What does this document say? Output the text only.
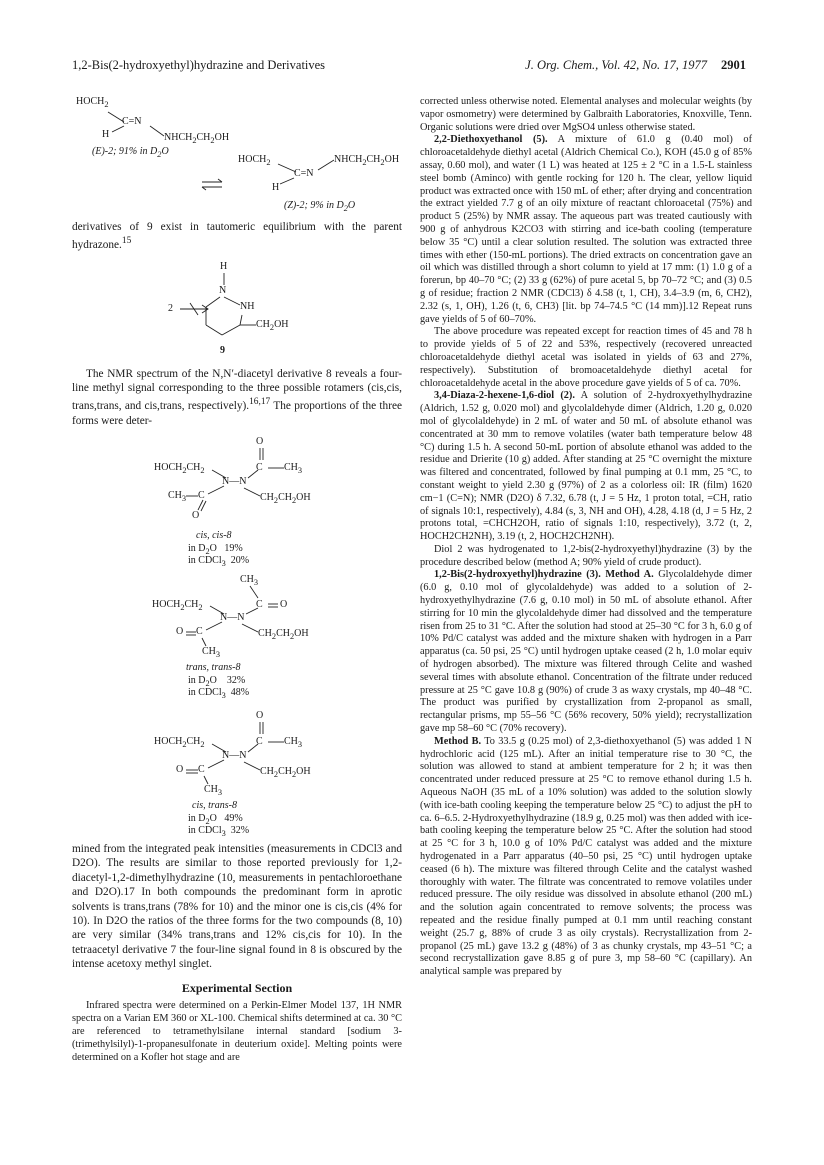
1,2-Bis(2-hydroxyethyl)hydrazine and Derivatives	J. Org. Chem., Vol. 42, No. 17, 1977 2901
$HOCH_2$
C=N
H	$NHCH_2CH_2OH$
(E)-2; 91% in $D_2O$
$HOCH_2$	$NHCH_2CH_2OH$
C=N
H
(Z)-2; 9% in $D_2O$

derivatives of 9 exist in tautomeric equilibrium with the parent hydrazone.$^{15}$

2
H
N
NH
$CH_2OH$
9

The NMR spectrum of the N,N′-diacetyl derivative 8 reveals a four-line methyl signal corresponding to the three possible rotamers (cis,cis, trans,trans, and cis,trans, respectively).$^{16,17}$ The proportions of the three forms were deter-

O
C $CH_3$
$HOCH_2CH_2$
N—N
$CH_3$ C	$CH_2CH_2OH$
O
cis, cis-8
in $D_2O$   19%
in CDCl$_3$ 20%
$CH_3$
C O
$HOCH_2CH_2$
N—N
O C	$CH_2CH_2OH$
$CH_3$
trans, trans-8
in $D_2O$    32%
in CDCl$_3$ 48%
O
C $CH_3$
$HOCH_2CH_2$
N—N
O C	$CH_2CH_2OH$
$CH_3$
cis, trans-8
in $D_2O$   49%
in CDCl$_3$ 32%

mined from the integrated peak intensities (measurements in CDCl3 and D2O). The results are similar to those reported previously for 1,2-diacetyl-1,2-dimethylhydrazine (10, measurements in pentachloroethane and D2O).17 In both compounds the predominant form in aprotic solvents is trans,trans (78% for 10) and the minor one is cis,cis (4% for 10). In D2O the ratios of the three forms for the two compounds (8, 10) are very similar (34% trans,trans and 12% cis,cis for 10). In the tetraacetyl derivative 7 the four-line signal found in 8 is obscured by the intense acetoxy methyl singlet.

Experimental Section

Infrared spectra were determined on a Perkin-Elmer Model 137, 1H NMR spectra on a Varian EM 360 or XL-100. Chemical shifts determined at ca. 30 °C are referenced to tetramethylsilane internal standard [sodium 3-(trimethylsilyl)-1-propanesulfonate in deuterium oxide]. Melting points were determined on a Kofler hot stage and are

corrected unless otherwise noted. Elemental analyses and molecular weights (by vapor osmometry) were determined by Galbraith Laboratories, Knoxville, Tenn. Organic solutions were dried over MgSO4 unless otherwise stated.

2,2-Diethoxyethanol (5). A mixture of 61.0 g (0.40 mol) of chloroacetaldehyde diethyl acetal (Aldrich Chemical Co.), KOH (45.0 g of 85% assay, 0.60 mol), and water (1 L) was heated at 125 ± 2 °C in a 1.5-L stainless steel bomb (Aminco) with gentle rocking for 120 h. The clear, yellow liquid product was extracted once with 150 mL of ether; after drying and concentration the extract yielded 7.7 g of an oily mixture of reactant chloroacetal (75%) and product 5 (25%) by NMR assay. The aqueous part was treated cautiously with 900 g of anhydrous K2CO3 with stirring and ice-bath cooling (temperature below 35 °C) until a clear solution resulted. The solution was extracted three times with ether (150-mL portions). The dried extracts on concentration gave an oil which was distilled through a short column to yield at 17 mm: (1) 1.0 g of a forerun, bp 40–70 °C; (2) 33 g (62%) of pure acetal 5, bp 70–72 °C; and (3) 0.5 g of residue; fraction 2 NMR (CDCl3) δ 4.58 (t, 1, CH), 3.4–3.9 (m, 6, CH2), 2.32 (s, 1, OH), 1.26 (t, 6, CH3) [lit. bp 74–74.5 °C (14 mm)].12 Repeat runs gave yields of 5 of 60–70%.

The above procedure was repeated except for reaction times of 45 and 78 h to provide yields of 5 of 22 and 53%, respectively (recovered unreacted chloroacetaldehyde diethyl acetal was isolated in yields of 63 and 27%, respectively). Substitution of bromoacetaldehyde diethyl acetal for chloroacetaldehyde acetal in the above procedure gave yields of 5 of ca. 70%.

3,4-Diaza-2-hexene-1,6-diol (2). A solution of 2-hydroxyethylhydrazine (Aldrich, 1.52 g, 0.020 mol) and glycolaldehyde dimer (Aldrich, 1.20 g, 0.020 mol of glycolaldehyde) in 2 mL of water and 50 mL of absolute ethanol was concentrated at 30 mm to remove volatiles (water bath temperature below 48 °C) during 1.5 h. A second 50-mL portion of absolute ethanol was added to the residue and Drierite (10 g) added. After standing at 25 °C overnight the mixture was filtered and concentrated, followed by final pumping at 0.1 mm, 25 °C, to constant weight to yield 2.30 g (97%) of 2 as a colorless oil: IR (film) 1620 cm−1 (C=N); NMR (D2O) δ 7.32, 6.78 (t, J = 5 Hz, 1 proton total, =CH, ratio of signals 10:1, respectively), 4.84 (s, 3, NH and OH), 4.28, 4.18 (d, J = 5 Hz, 2 protons total, =CHCH2OH, ratio of signals 1:10, respectively), 3.72 (t, 2, HOCH2CH2NH), 3.19 (t, 2, HOCH2CH2NH).

Diol 2 was hydrogenated to 1,2-bis(2-hydroxyethyl)hydrazine (3) by the procedure described below (method A; 90% yield of crude product).

1,2-Bis(2-hydroxyethyl)hydrazine (3). Method A. Glycolaldehyde dimer (6.0 g, 0.10 mol of glycolaldehyde) was added to a solution of 2-hydroxyethylhydrazine (7.6 g, 0.10 mol) in 50 mL of absolute ethanol. After stirring for 10 min the glycolaldehyde dimer had dissolved and the temperature risen from 25 to 31 °C. After the solution had stood at 25–30 °C for 3 h, 6.0 g of 10% Pd/C catalyst was added and the mixture shaken with hydrogen in a Parr apparatus (ca. 50 psi, 25 °C) until hydrogen uptake ceased (2 h, 1.0 molar equiv of hydrogen absorbed). The mixture was filtered through Celite and washed several times with absolute ethanol. Concentration of the filtrate under reduced pressure at 25 °C gave 10.8 g (90%) of crude 3 as waxy crystals, mp 40–48 °C. The product was purified by crystallization from 2-propanol as small, rectangular prisms, mp 55–56 °C (56% recovery, 50% yield); recrystallization gave mp 58–60 °C (70% recovery).

Method B. To 33.5 g (0.25 mol) of 2,3-diethoxyethanol (5) was added 1 N hydrochloric acid (125 mL). After an initial temperature rise to 30 °C, the solution was allowed to stand at ambient temperature for 2 h; it was then concentrated under reduced pressure at 25 °C to remove ethanol during 1.5 h. Aqueous NaOH (35 mL of a 10% solution) was added to the solution slowly (with ice-bath cooling keeping the temperature below 25 °C) to adjust the pH to ca. 6–6.5. 2-Hydroxyethylhydrazine (18.9 g, 0.25 mol) was then added with ice-bath cooling keeping the temperature below 25 °C. After the solution had stood at 25 °C for 3 h, 10.0 g of 10% Pd/C catalyst was added and the mixture hydrogenated in a Parr apparatus (40–50 psi, 25 °C) until hydrogen uptake ceased (6 h). The mixture was filtered through Celite and the catalyst washed thoroughly with water. The filtrate was concentrated to remove volatiles under reduced pressure. The oily residue was dissolved in absolute ethanol (200 mL) and the solution again concentrated to remove solvents; the process was repeated and the residue finally pumped at 0.1 mm until reaching constant weight (25.7 g, 88% of crude 3 as oily crystals). Recrystallization from 2-propanol (25 mL) gave 13.2 g (48%) of 3 as chunky crystals, mp 43–51 °C; a second recrystallization gave 8.85 g of pure 3, mp 58–60 °C (capillary). An analytical sample was prepared by
